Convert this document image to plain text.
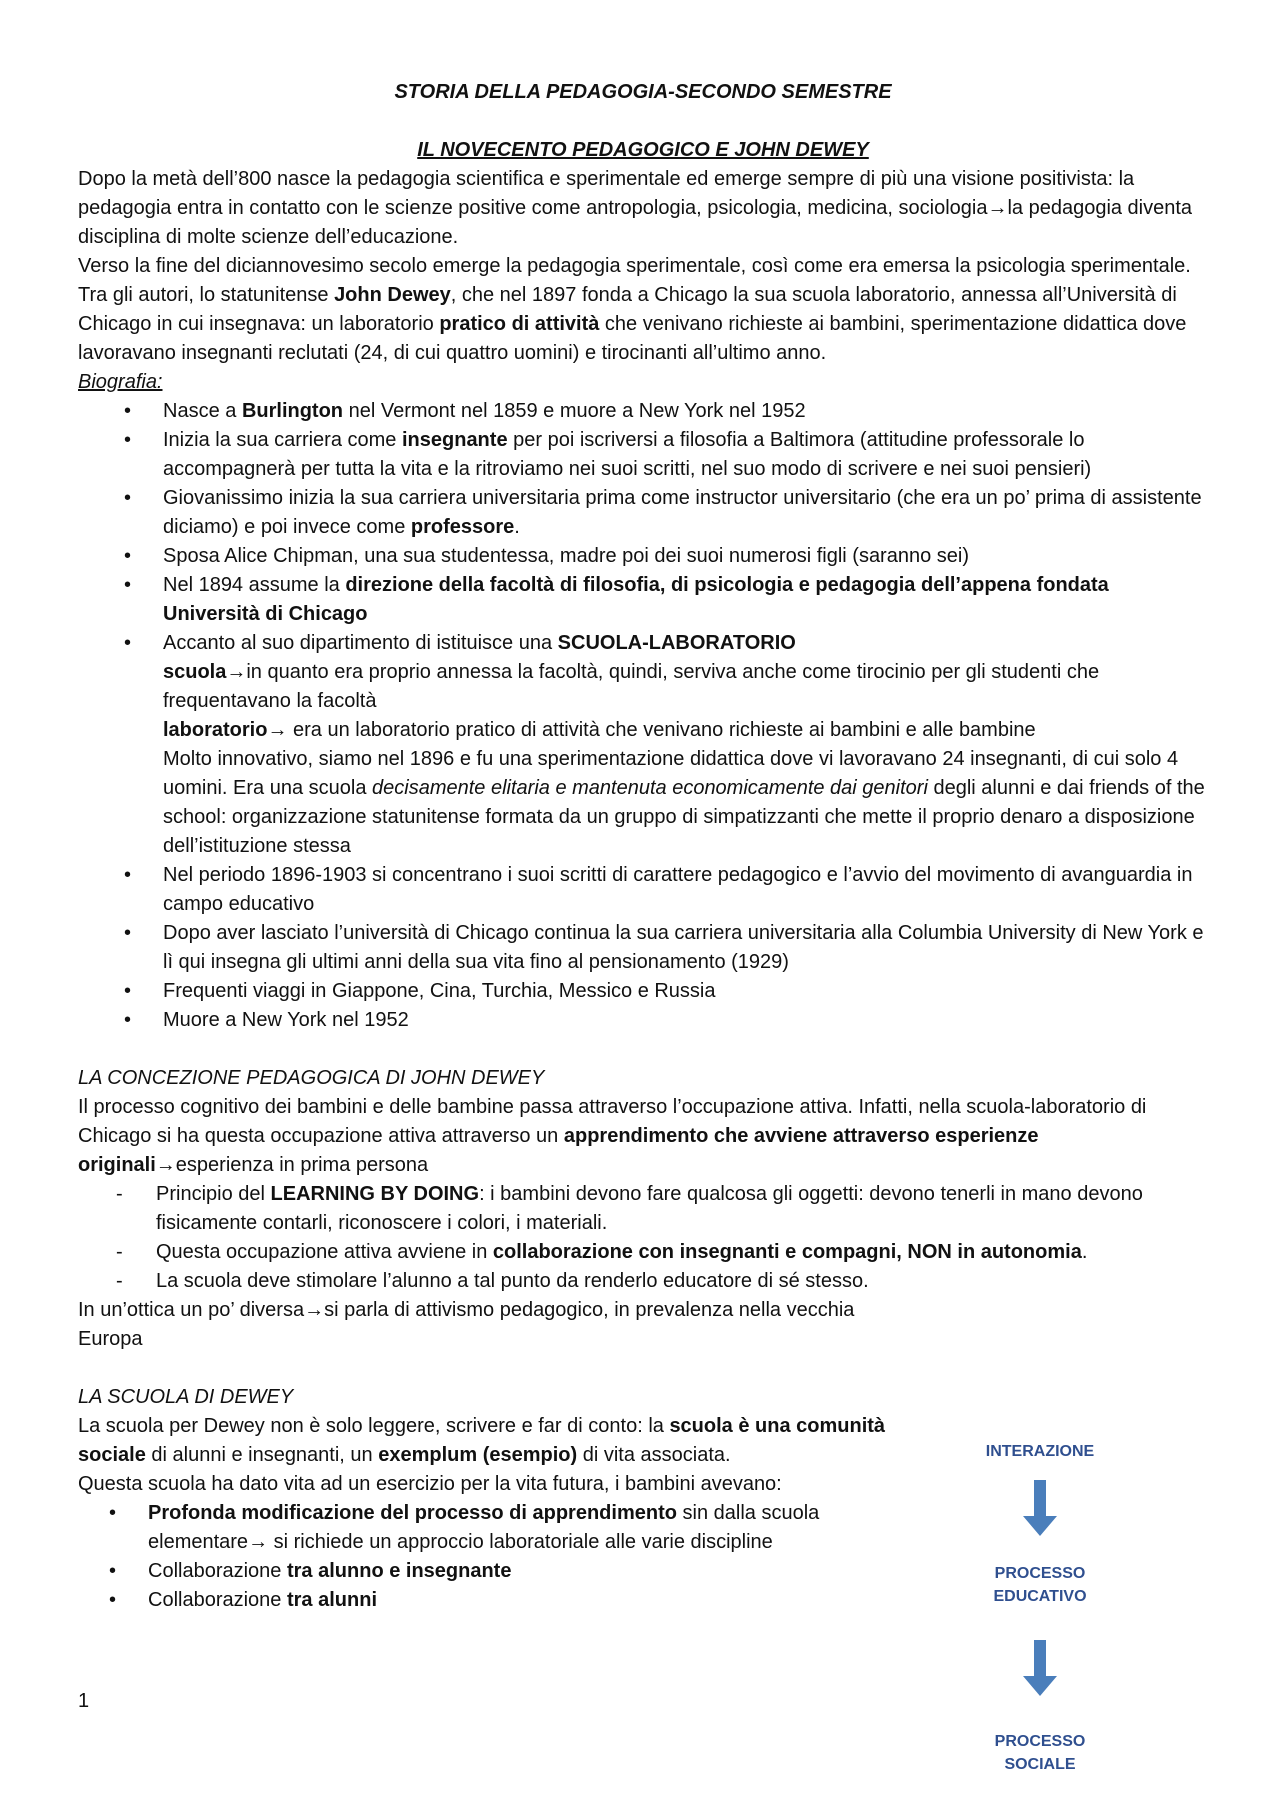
STORIA DELLA PEDAGOGIA-SECONDO SEMESTRE

IL NOVECENTO PEDAGOGICO E JOHN DEWEY

Dopo la metà dell’800 nasce la pedagogia scientifica e sperimentale ed emerge sempre di più una visione positivista: la pedagogia entra in contatto con le scienze positive come antropologia, psicologia, medicina, sociologia→la pedagogia diventa disciplina di molte scienze dell’educazione.

Verso la fine del diciannovesimo secolo emerge la pedagogia sperimentale, così come era emersa la psicologia sperimentale.

Tra gli autori, lo statunitense John Dewey, che nel 1897 fonda a Chicago la sua scuola laboratorio, annessa all’Università di Chicago in cui insegnava: un laboratorio pratico di attività che venivano richieste ai bambini, sperimentazione didattica dove lavoravano insegnanti reclutati (24, di cui quattro uomini) e tirocinanti all’ultimo anno.

Biografia:

• Nasce a Burlington nel Vermont nel 1859 e muore a New York nel 1952
• Inizia la sua carriera come insegnante per poi iscriversi a filosofia a Baltimora (attitudine professorale lo accompagnerà per tutta la vita e la ritroviamo nei suoi scritti, nel suo modo di scrivere e nei suoi pensieri)
• Giovanissimo inizia la sua carriera universitaria prima come instructor universitario (che era un po’ prima di assistente diciamo) e poi invece come professore.
• Sposa Alice Chipman, una sua studentessa, madre poi dei suoi numerosi figli (saranno sei)
• Nel 1894 assume la direzione della facoltà di filosofia, di psicologia e pedagogia dell’appena fondata Università di Chicago
• Accanto al suo dipartimento di istituisce una SCUOLA-LABORATORIO
scuola→in quanto era proprio annessa la facoltà, quindi, serviva anche come tirocinio per gli studenti che frequentavano la facoltà
laboratorio→ era un laboratorio pratico di attività che venivano richieste ai bambini e alle bambine
Molto innovativo, siamo nel 1896 e fu una sperimentazione didattica dove vi lavoravano 24 insegnanti, di cui solo 4 uomini. Era una scuola decisamente elitaria e mantenuta economicamente dai genitori degli alunni e dai friends of the school: organizzazione statunitense formata da un gruppo di simpatizzanti che mette il proprio denaro a disposizione dell’istituzione stessa
• Nel periodo 1896-1903 si concentrano i suoi scritti di carattere pedagogico e l’avvio del movimento di avanguardia in campo educativo
• Dopo aver lasciato l’università di Chicago continua la sua carriera universitaria alla Columbia University di New York e lì qui insegna gli ultimi anni della sua vita fino al pensionamento (1929)
• Frequenti viaggi in Giappone, Cina, Turchia, Messico e Russia
• Muore a New York nel 1952

LA CONCEZIONE PEDAGOGICA DI JOHN DEWEY

Il processo cognitivo dei bambini e delle bambine passa attraverso l’occupazione attiva. Infatti, nella scuola-laboratorio di Chicago si ha questa occupazione attiva attraverso un apprendimento che avviene attraverso esperienze originali→esperienza in prima persona

- Principio del LEARNING BY DOING: i bambini devono fare qualcosa gli oggetti: devono tenerli in mano devono fisicamente contarli, riconoscere i colori, i materiali.
- Questa occupazione attiva avviene in collaborazione con insegnanti e compagni, NON in autonomia.
- La scuola deve stimolare l’alunno a tal punto da renderlo educatore di sé stesso.

In un’ottica un po’ diversa→si parla di attivismo pedagogico, in prevalenza nella vecchia Europa

LA SCUOLA DI DEWEY

La scuola per Dewey non è solo leggere, scrivere e far di conto: la scuola è una comunità sociale di alunni e insegnanti, un exemplum (esempio) di vita associata.

Questa scuola ha dato vita ad un esercizio per la vita futura, i bambini avevano:

• Profonda modificazione del processo di apprendimento sin dalla scuola elementare→ si richiede un approccio laboratoriale alle varie discipline
• Collaborazione tra alunno e insegnante
• Collaborazione tra alunni
INTERAZIONE
PROCESSO EDUCATIVO
PROCESSO SOCIALE
1
